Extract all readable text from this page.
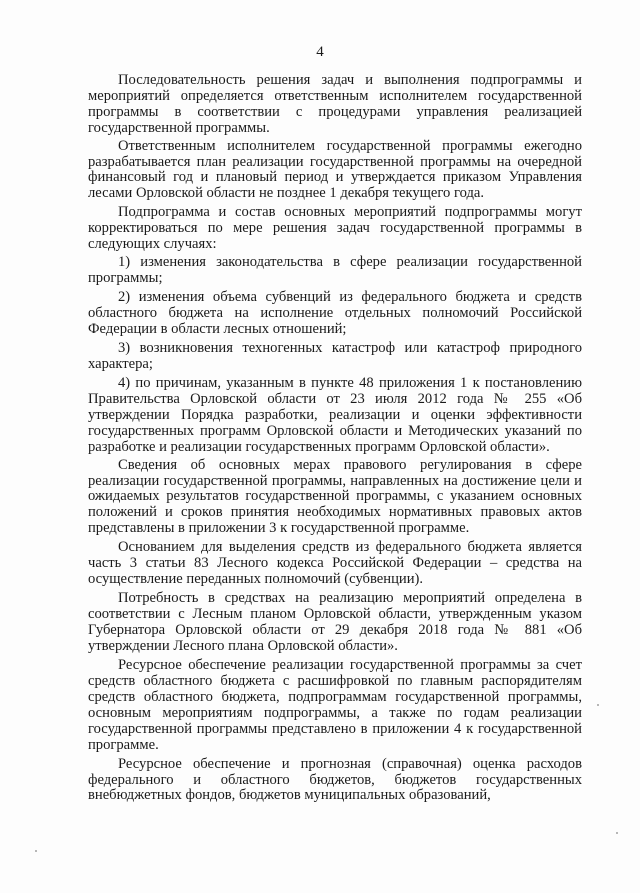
4

Последовательность решения задач и выполнения подпрограммы и мероприятий определяется ответственным исполнителем государственной программы в соответствии с процедурами управления реализацией государственной программы.

Ответственным исполнителем государственной программы ежегодно разрабатывается план реализации государственной программы на очередной финансовый год и плановый период и утверждается приказом Управления лесами Орловской области не позднее 1 декабря текущего года.

Подпрограмма и состав основных мероприятий подпрограммы могут корректироваться по мере решения задач государственной программы в следующих случаях:

1) изменения законодательства в сфере реализации государственной программы;

2) изменения объема субвенций из федерального бюджета и средств областного бюджета на исполнение отдельных полномочий Российской Федерации в области лесных отношений;

3) возникновения техногенных катастроф или катастроф природного характера;

4) по причинам, указанным в пункте 48 приложения 1 к постановлению Правительства Орловской области от 23 июля 2012 года № 255 «Об утверждении Порядка разработки, реализации и оценки эффективности государственных программ Орловской области и Методических указаний по разработке и реализации государственных программ Орловской области».

Сведения об основных мерах правового регулирования в сфере реализации государственной программы, направленных на достижение цели и ожидаемых результатов государственной программы, с указанием основных положений и сроков принятия необходимых нормативных правовых актов представлены в приложении 3 к государственной программе.

Основанием для выделения средств из федерального бюджета является часть 3 статьи 83 Лесного кодекса Российской Федерации – средства на осуществление переданных полномочий (субвенции).

Потребность в средствах на реализацию мероприятий определена в соответствии с Лесным планом Орловской области, утвержденным указом Губернатора Орловской области от 29 декабря 2018 года № 881 «Об утверждении Лесного плана Орловской области».

Ресурсное обеспечение реализации государственной программы за счет средств областного бюджета с расшифровкой по главным распорядителям средств областного бюджета, подпрограммам государственной программы, основным мероприятиям подпрограммы, а также по годам реализации государственной программы представлено в приложении 4 к государственной программе.

Ресурсное обеспечение и прогнозная (справочная) оценка расходов федерального и областного бюджетов, бюджетов государственных внебюджетных фондов, бюджетов муниципальных образований,
